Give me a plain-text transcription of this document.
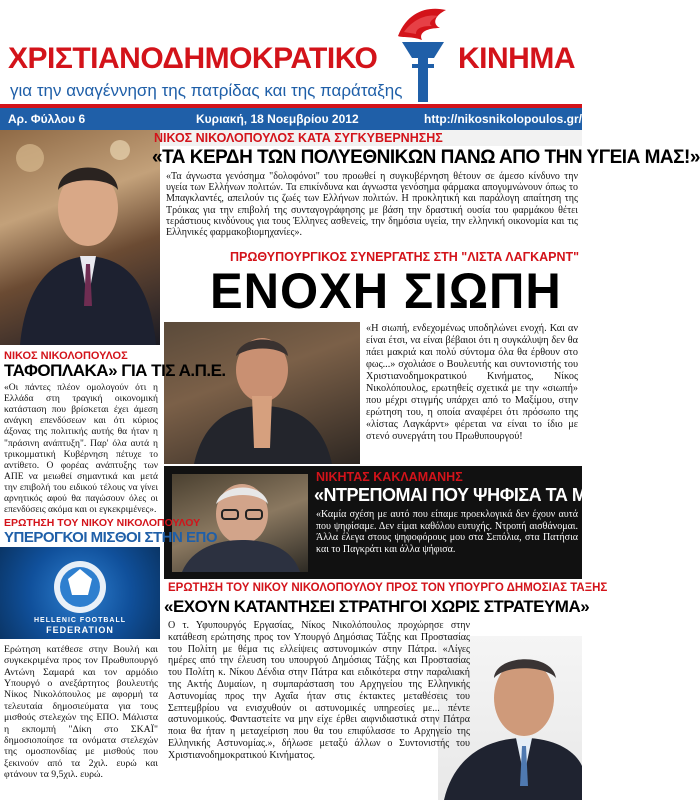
ΧΡΙΣΤΙΑΝΟΔΗΜΟΚΡΑΤΙΚΟ	ΚΙΝΗΜΑ
για την αναγέννηση της πατρίδας και της παράταξης
Αρ. Φύλλου 6	Κυριακή, 18 Νοεμβρίου 2012	http://nikosnikolopoulos.gr/
ΝΙΚΟΣ ΝΙΚΟΛΟΠΟΥΛΟΣ ΚΑΤΑ ΣΥΓΚΥΒΕΡΝΗΣΗΣ
«ΤΑ ΚΕΡΔΗ ΤΩΝ ΠΟΛΥΕΘΝΙΚΩΝ ΠΑΝΩ ΑΠΟ ΤΗΝ ΥΓΕΙΑ ΜΑΣ!»
«Τα άγνωστα γενόσημα "δολοφόνοι" του προωθεί η συγκυβέρνηση θέτουν σε άμεσο κίνδυνο την υγεία των Ελλήνων πολιτών. Τα επικίνδυνα και άγνωστα γενόσημα φάρμακα απογυμνώνουν όπως το Μπαγκλαντές, απειλούν τις ζωές των Ελλήνων πολιτών. Η προκλητική και παράλογη απαίτηση της Τρόικας για την επιβολή της συνταγογράφησης με βάση την δραστική ουσία του φαρμάκου θέτει τεράστιους κινδύνους για τους Έλληνες ασθενείς, την δημόσια υγεία, την ελληνική οικονομία και τις Ελληνικές φαρμακοβιομηχανίες».
ΠΡΩΘΥΠΟΥΡΓΙΚΟΣ ΣΥΝΕΡΓΑΤΗΣ ΣΤΗ "ΛΙΣΤΑ ΛΑΓΚΑΡΝΤ"
ΕΝΟΧΗ ΣΙΩΠΗ
«Η σιωπή, ενδεχομένως υποδηλώνει ενοχή. Και αν είναι έτσι, να είναι βέβαιοι ότι η συγκάλυψη δεν θα πάει μακριά και πολύ σύντομα όλα θα έρθουν στο φως...» σχολιάσε ο Βουλευτής και συντονιστής του Χριστιανοδημοκρατικού Κινήματος, Νίκος Νικολόπουλος, ερωτηθείς σχετικά με την «σιωπή» που μέχρι στιγμής υπάρχει από το Μαξίμου, στην ερώτηση του, η οποία αναφέρει ότι πρόσωπο της «λίστας Λαγκάρντ» φέρεται να είναι το ίδιο με στενό συνεργάτη του Πρωθυπουργού!
ΝΙΚΟΣ ΝΙΚΟΛΟΠΟΥΛΟΣ
ΤΑΦΟΠΛΑΚΑ» ΓΙΑ ΤΙΣ Α.Π.Ε.
«Οι πάντες πλέον ομολογούν ότι η Ελλάδα στη τραγική οικονομική κατάσταση που βρίσκεται έχει άμεση ανάγκη επενδύσεων και ότι κύριος άξονας της πολιτικής αυτής θα ήταν η "πράσινη ανάπτυξη". Παρ' όλα αυτά η τρικομματική Κυβέρνηση πέτυχε το αντίθετο. Ο φορέας ανάπτυξης των ΑΠΕ να μειωθεί σημαντικά και μετά την επιβολή του ειδικού τέλους να γίνει αρνητικός αφού θα παγώσουν όλες οι επενδύσεις ακόμα και οι εγκεκριμένες».
ΝΙΚΗΤΑΣ ΚΑΚΛΑΜΑΝΗΣ
«ΝΤΡΕΠΟΜΑΙ ΠΟΥ ΨΗΦΙΣΑ ΤΑ ΜΕΤΡΑ»
«Καμία σχέση με αυτό που είπαμε προεκλογικά δεν έχουν αυτά που ψηφίσαμε. Δεν είμαι καθόλου ευτυχής. Ντροπή αισθάνομαι. Άλλα έλεγα στους ψηφοφόρους μου στα Σεπόλια, στα Πατήσια και το Παγκράτι και άλλα ψήφισα.
ΕΡΩΤΗΣΗ ΤΟΥ ΝΙΚΟΥ ΝΙΚΟΛΟΠΟΥΛΟΥ
ΥΠΕΡΟΓΚΟΙ ΜΙΣΘΟΙ ΣΤΗΝ ΕΠΟ
HELLENIC FOOTBALL
FEDERATION
Ερώτηση κατέθεσε στην Βουλή και συγκεκριμένα προς τον Πρωθυπουργό Αντώνη Σαμαρά και τον αρμόδιο Υπουργό ο ανεξάρτητος βουλευτής Νίκος Νικολόπουλος με αφορμή τα τελευταία δημοσιεύματα για τους μισθούς στελεχών της ΕΠΟ. Μάλιστα η εκπομπή "Δίκη στο ΣΚΑΪ" δημοσιοποίησε τα ονόματα στελεχών της ομοσπονδίας με μισθούς που ξεκινούν από τα 2χιλ. ευρώ και φτάνουν τα 9,5χιλ. ευρώ.
ΕΡΩΤΗΣΗ ΤΟΥ ΝΙΚΟΥ ΝΙΚΟΛΟΠΟΥΛΟΥ ΠΡΟΣ ΤΟΝ ΥΠΟΥΡΓΟ ΔΗΜΟΣΙΑΣ ΤΑΞΗΣ
«ΕΧΟΥΝ ΚΑΤΑΝΤΗΣΕΙ ΣΤΡΑΤΗΓΟΙ ΧΩΡΙΣ ΣΤΡΑΤΕΥΜΑ»
Ο τ. Υφυπουργός Εργασίας, Νίκος Νικολόπουλος προχώρησε στην κατάθεση ερώτησης προς τον Υπουργό Δημόσιας Τάξης και Προστασίας του Πολίτη με θέμα τις ελλείψεις αστυνομικών στην Πάτρα. «Λίγες ημέρες από την έλευση του υπουργού Δημόσιας Τάξης και Προστασίας του Πολίτη κ. Νίκου Δένδια στην Πάτρα και ειδικότερα στην παραλιακή της Ακτής Δυμαίων, η συμπαράσταση του Αρχηγείου της Ελληνικής Αστυνομίας προς την Αχαΐα ήταν στις έκτακτες μεταθέσεις του Σεπτεμβρίου να ενισχυθούν οι αστυνομικές υπηρεσίες με... πέντε αστυνομικούς. Φανταστείτε να μην είχε έρθει αιφνιδιαστικά στην Πάτρα ποια θα ήταν η μεταχείριση που θα του επιφύλασσε το Αρχηγείο της Ελληνικής Αστυνομίας.», δήλωσε μεταξύ άλλων ο Συντονιστής του Χριστιανοδημοκρατικού Κινήματος.
